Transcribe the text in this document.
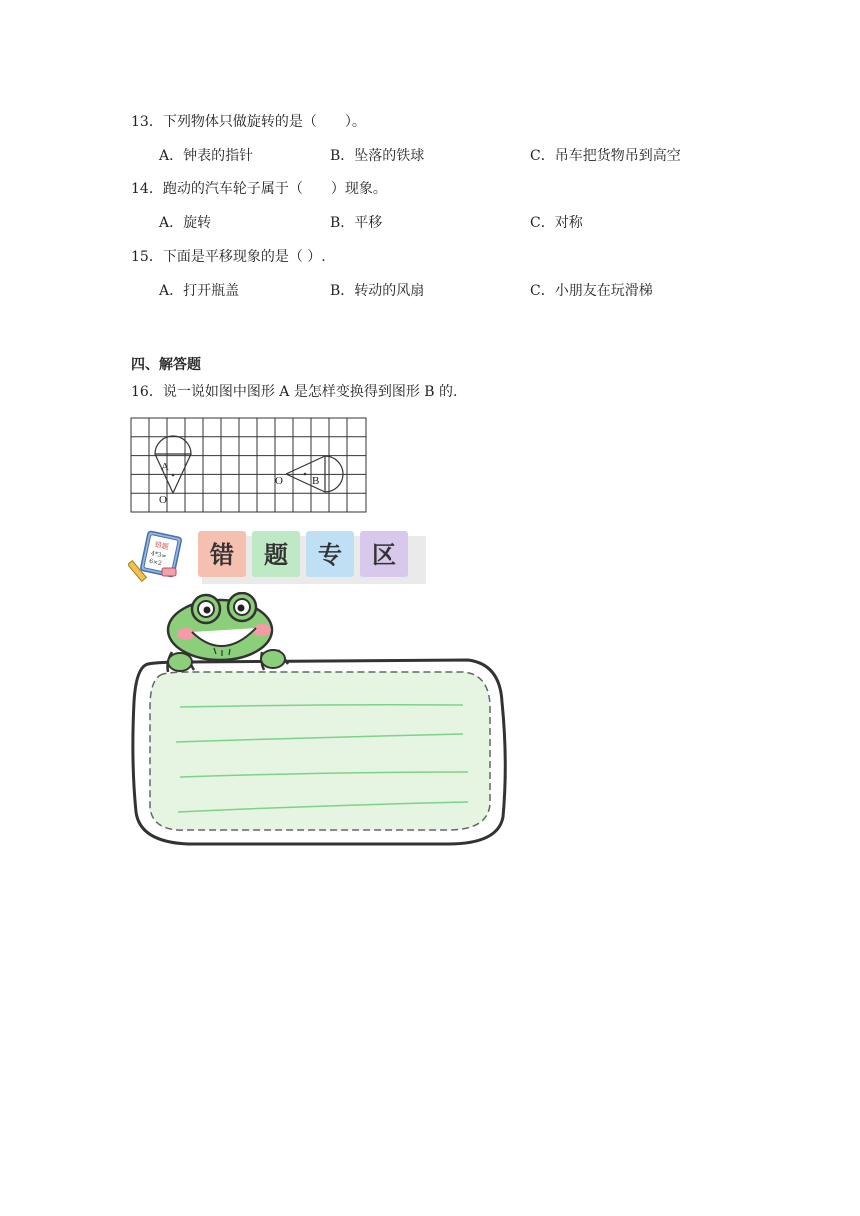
13．下列物体只做旋转的是（　　）。
A．钟表的指针	B．坠落的铁球	C．吊车把货物吊到高空
14．跑动的汽车轮子属于（　　）现象。
A．旋转	B．平移	C．对称
15．下面是平移现象的是（ ）.
A．打开瓶盖	B．转动的风扇	C．小朋友在玩滑梯
四、解答题
16．说一说如图中图形 A 是怎样变换得到图形 B 的.
A
O
O	B
错题
4*3=
6×2 错 题 专 区
